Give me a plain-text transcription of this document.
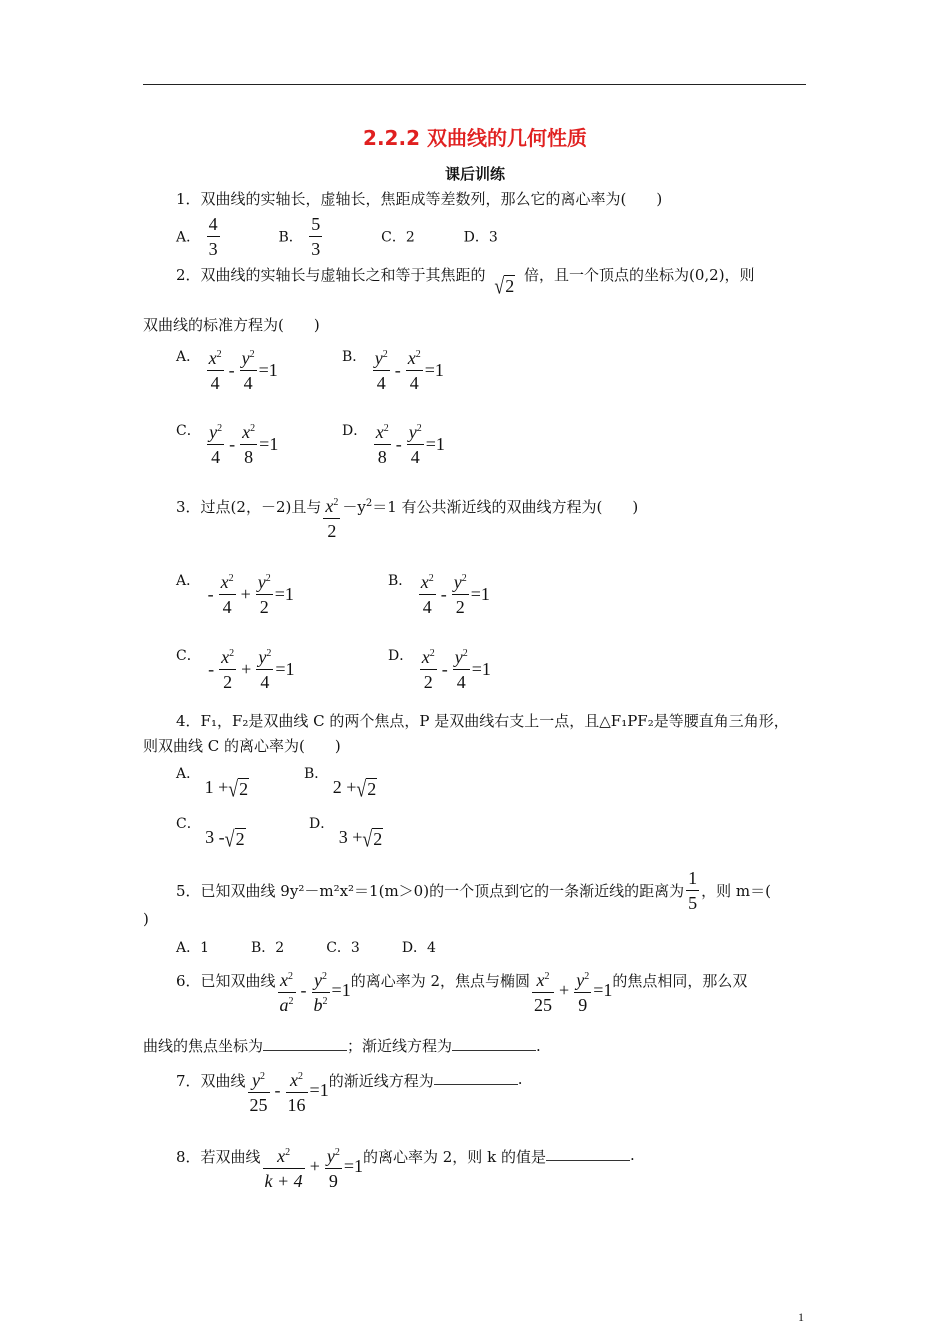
2.2.2 双曲线的几何性质
课后训练
1．双曲线的实轴长，虚轴长，焦距成等差数列，那么它的离心率为(　　)
A． $\frac{4}{3}$	B． $\frac{5}{3}$	C．2	D．3
2．双曲线的实轴长与虚轴长之和等于其焦距的 √2 倍，且一个顶点的坐标为(0,2)，则
双曲线的标准方程为(　　)
A． $\frac{x^2}{4} - \frac{y^2}{4} =1$
B． $\frac{y^2}{4} - \frac{x^2}{4} =1$
C． $\frac{y^2}{4} - \frac{x^2}{8} =1$
D． $\frac{x^2}{8} - \frac{y^2}{4} =1$
3．过点(2，－2)且与 $\frac{x^2}{2} -y^2=1$ 有公共渐近线的双曲线方程为(　　)
A． - $\frac{x^2}{4} + \frac{y^2}{2} =1$
B． $\frac{x^2}{4} - \frac{y^2}{2} =1$
C． - $\frac{x^2}{2} + \frac{y^2}{4} =1$
D． $\frac{x^2}{2} - \frac{y^2}{4} =1$
4．F₁，F₂是双曲线 C 的两个焦点，P 是双曲线右支上一点，且△F₁PF₂是等腰直角三角形，
则双曲线 C 的离心率为(　　)
A． 1 +√2
B． 2 +√2
C． 3 -√2
D． 3 +√2
5．已知双曲线 9y²－m²x²＝1(m＞0)的一个顶点到它的一条渐近线的距离为 $\frac{1}{5}$ ，则 m＝(
)
A．1　　　B．2　　　C．3　　　D．4
6．已知双曲线 $\frac{x^2}{a^2} - \frac{y^2}{b^2} =1$的离心率为 2，焦点与椭圆 $\frac{x^2}{25} + \frac{y^2}{9} =1$的焦点相同，那么双
曲线的焦点坐标为	；渐近线方程为	.
7．双曲线 $\frac{y^2}{25} - \frac{x^2}{16} =1$的渐近线方程为	.
8．若双曲线 $\frac{x^2}{k + 4} + \frac{y^2}{9} =1$的离心率为 2，则 k 的值是	.
1
